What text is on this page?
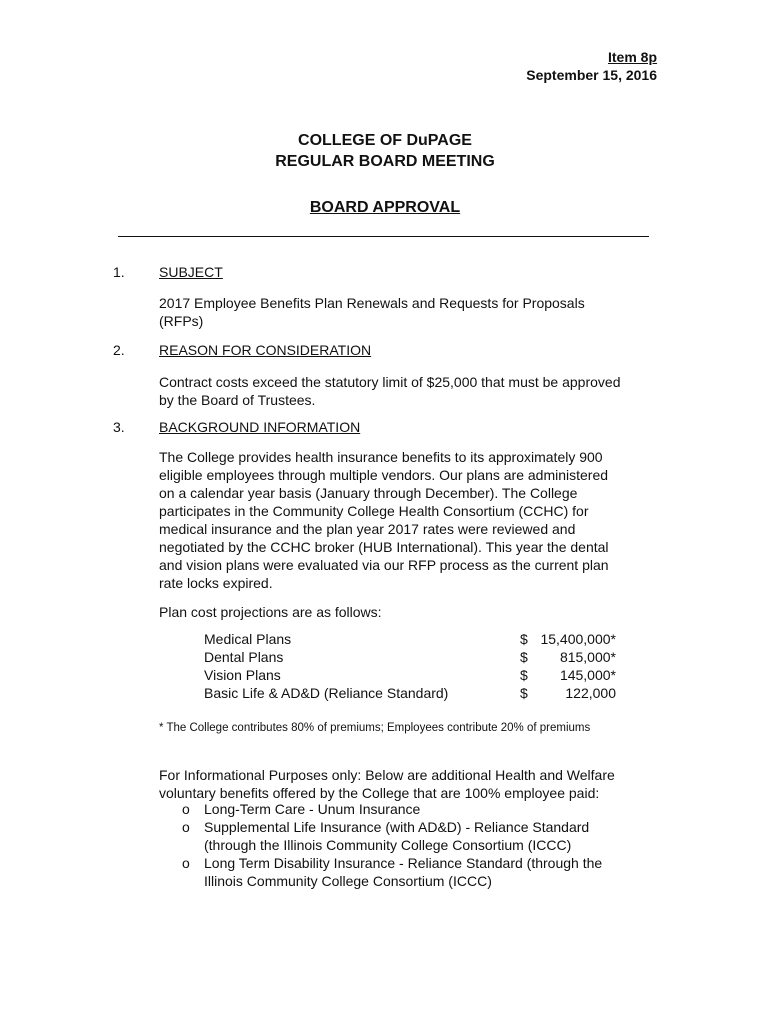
Item 8p
September 15, 2016
COLLEGE OF DuPAGE
REGULAR BOARD MEETING
BOARD APPROVAL
1. SUBJECT
2017 Employee Benefits Plan Renewals and Requests for Proposals
(RFPs)
2. REASON FOR CONSIDERATION
Contract costs exceed the statutory limit of $25,000 that must be approved
by the Board of Trustees.
3. BACKGROUND INFORMATION
The College provides health insurance benefits to its approximately 900
eligible employees through multiple vendors. Our plans are administered
on a calendar year basis (January through December). The College
participates in the Community College Health Consortium (CCHC) for
medical insurance and the plan year 2017 rates were reviewed and
negotiated by the CCHC broker (HUB International). This year the dental
and vision plans were evaluated via our RFP process as the current plan
rate locks expired.
Plan cost projections are as follows:
Medical Plans	$ 15,400,000*
Dental Plans	$ 815,000*
Vision Plans	$ 145,000*
Basic Life & AD&D (Reliance Standard)	$	122,000
* The College contributes 80% of premiums; Employees contribute 20% of premiums
For Informational Purposes only: Below are additional Health and Welfare
voluntary benefits offered by the College that are 100% employee paid:
o Long-Term Care - Unum Insurance
o Supplemental Life Insurance (with AD&D) - Reliance Standard
(through the Illinois Community College Consortium (ICCC)
o Long Term Disability Insurance - Reliance Standard (through the
Illinois Community College Consortium (ICCC)
